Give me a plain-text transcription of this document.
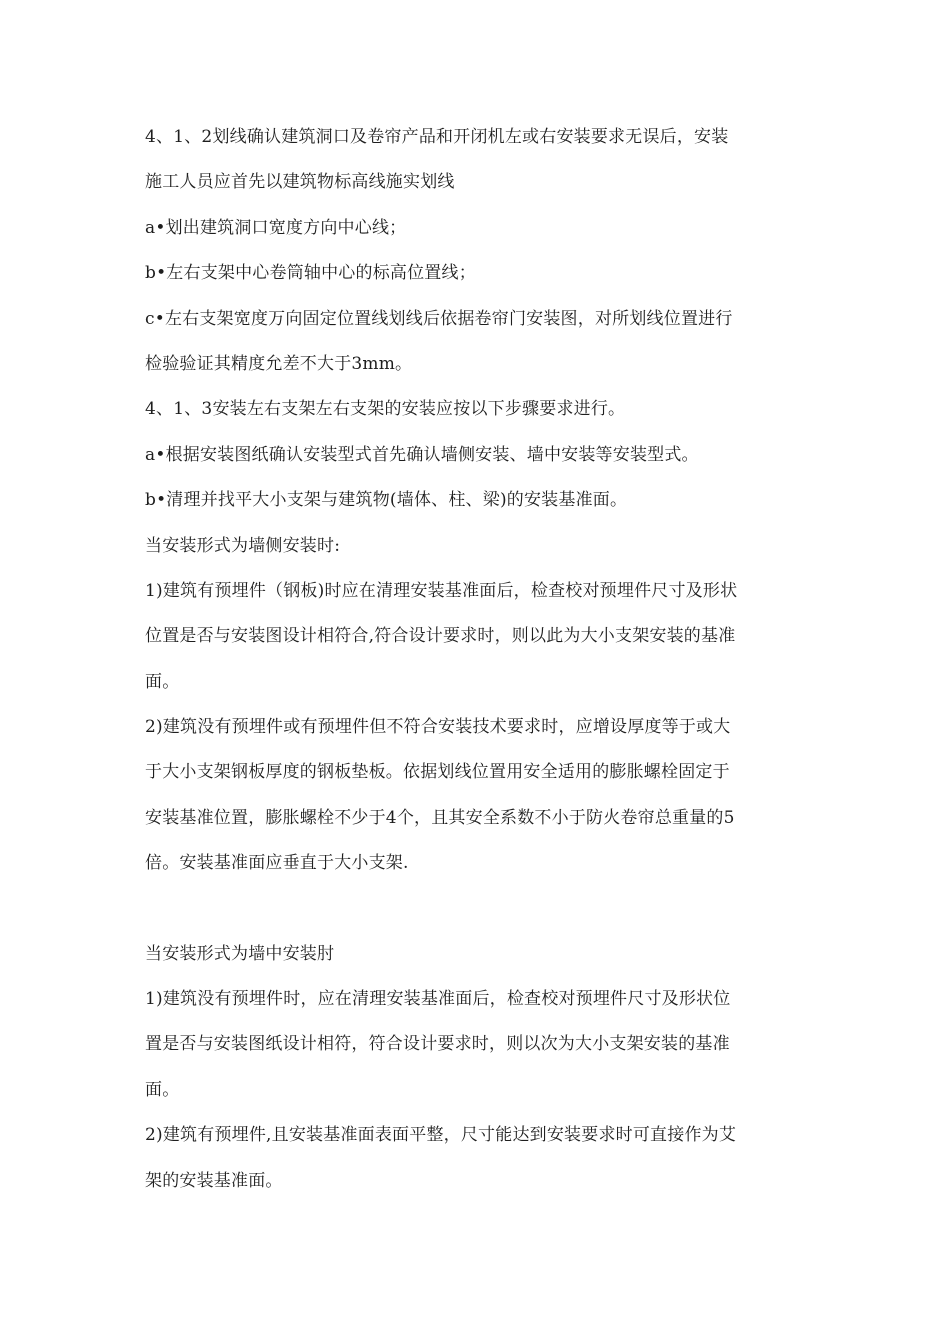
4、1、2划线确认建筑洞口及卷帘产品和开闭机左或右安装要求无误后，安装
施工人员应首先以建筑物标高线施实划线
a•划出建筑洞口宽度方向中心线；
b•左右支架中心卷筒轴中心的标高位置线；
c•左右支架宽度万向固定位置线划线后依据卷帘门安装图，对所划线位置进行
检验验证其精度允差不大于3mm。
4、1、3安装左右支架左右支架的安装应按以下步骤要求进行。
a•根据安装图纸确认安装型式首先确认墙侧安装、墙中安装等安装型式。
b•清理并找平大小支架与建筑物(墙体、柱、梁)的安装基准面。
当安装形式为墙侧安装时:
1)建筑有预埋件（钢板)时应在清理安装基准面后，检查校对预埋件尺寸及形状
位置是否与安装图设计相符合,符合设计要求时，则以此为大小支架安装的基准
面。
2)建筑没有预埋件或有预埋件但不符合安装技术要求时，应增设厚度等于或大
于大小支架钢板厚度的钢板垫板。依据划线位置用安全适用的膨胀螺栓固定于
安装基准位置，膨胀螺栓不少于4个，且其安全系数不小于防火卷帘总重量的5
倍。安装基准面应垂直于大小支架.
当安装形式为墙中安装肘
1)建筑没有预埋件时，应在清理安装基准面后，检查校对预埋件尺寸及形状位
置是否与安装图纸设计相符，符合设计要求时，则以次为大小支架安装的基准
面。
2)建筑有预埋件,且安装基准面表面平整，尺寸能达到安装要求时可直接作为艾
架的安装基准面。
